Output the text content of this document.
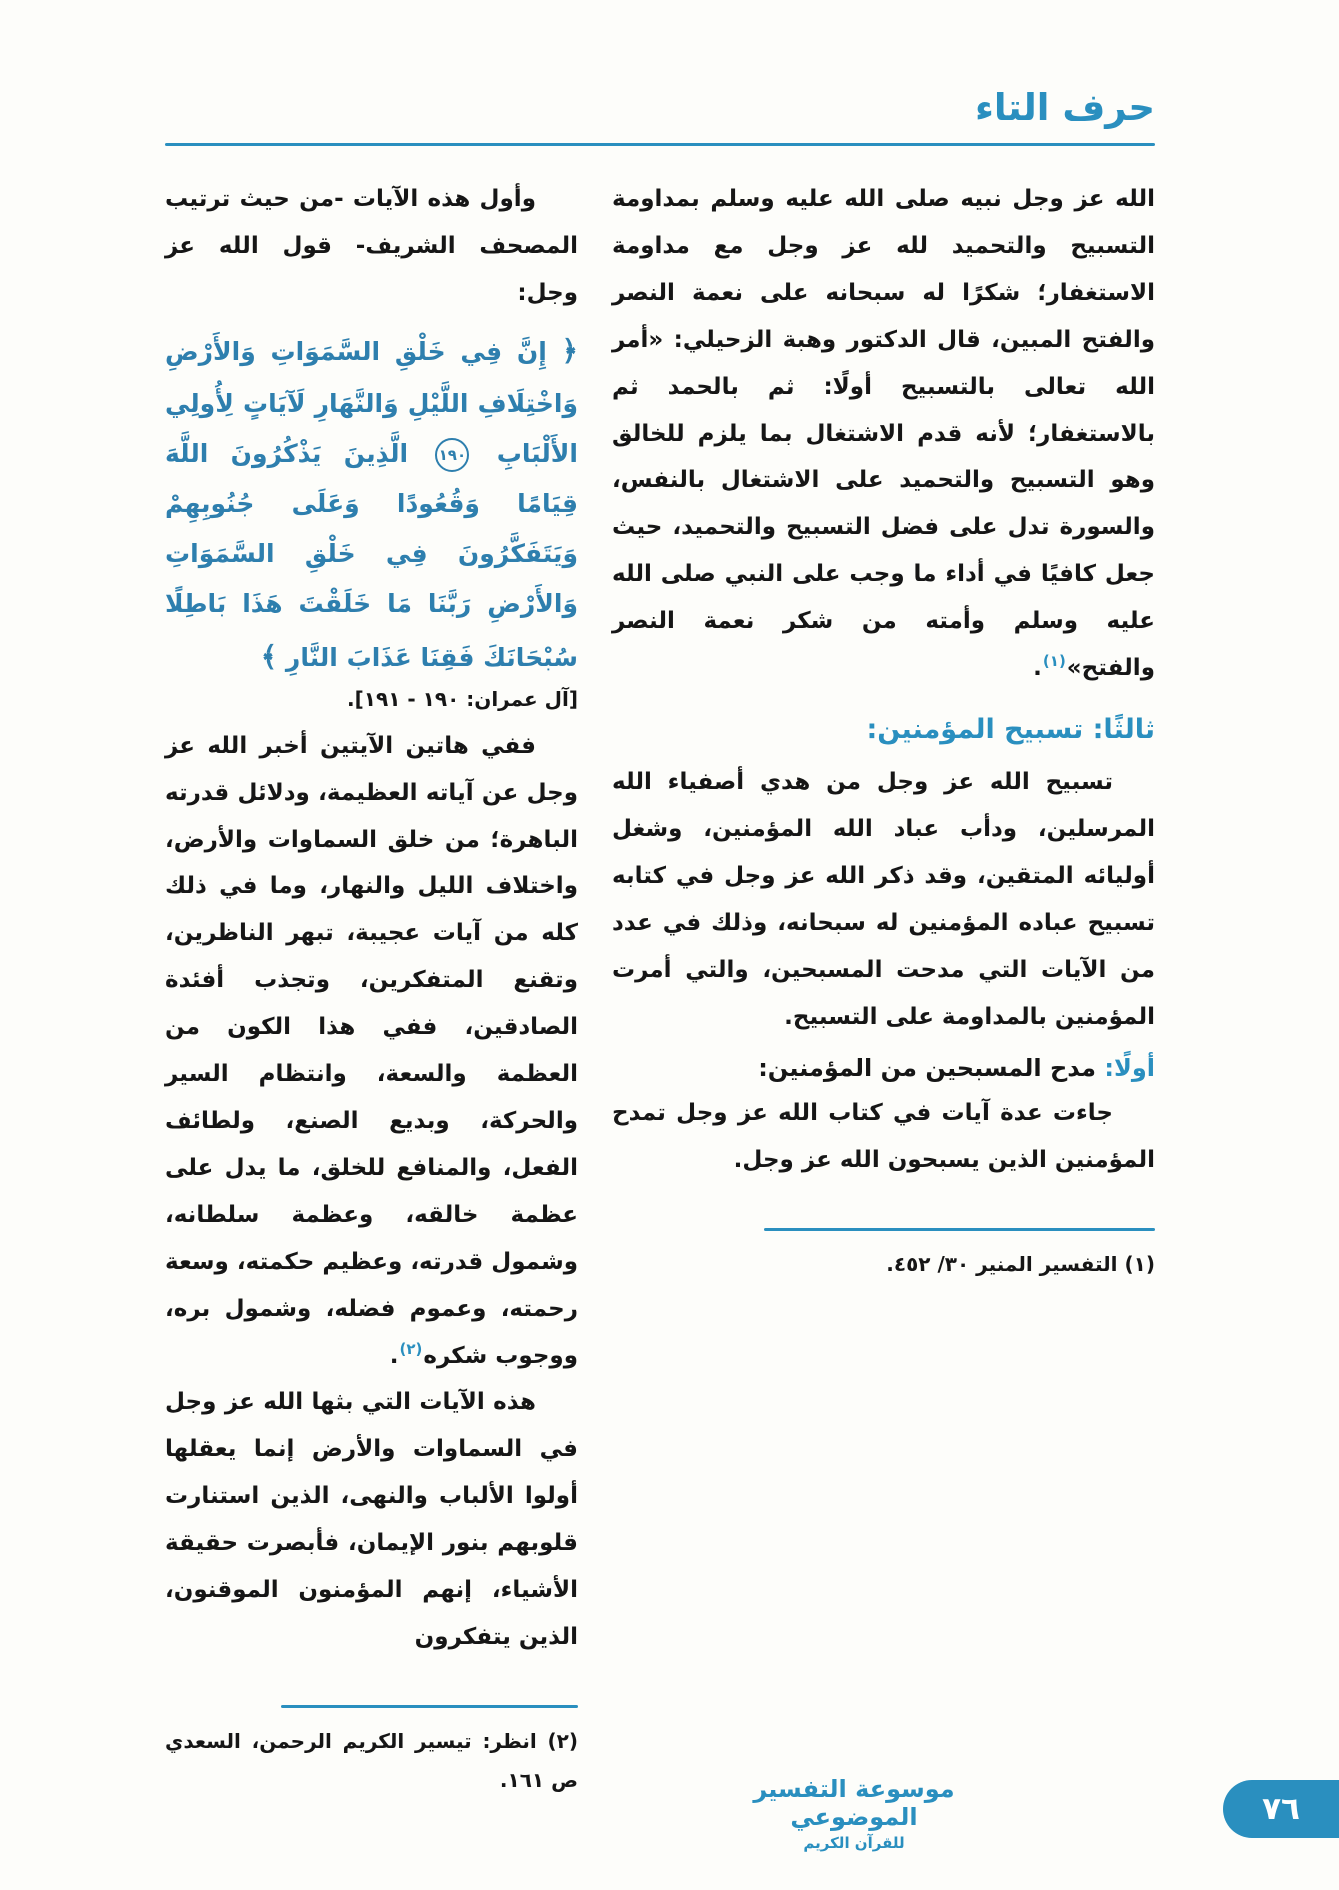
حرف التاء

الله عز وجل نبيه صلى الله عليه وسلم بمداومة التسبيح والتحميد لله عز وجل مع مداومة الاستغفار؛ شكرًا له سبحانه على نعمة النصر والفتح المبين، قال الدكتور وهبة الزحيلي: «أمر الله تعالى بالتسبيح أولًا: ثم بالحمد ثم بالاستغفار؛ لأنه قدم الاشتغال بما يلزم للخالق وهو التسبيح والتحميد على الاشتغال بالنفس، والسورة تدل على فضل التسبيح والتحميد، حيث جعل كافيًا في أداء ما وجب على النبي صلى الله عليه وسلم وأمته من شكر نعمة النصر والفتح»$^{(١)}$.

ثالثًا: تسبيح المؤمنين:

تسبيح الله عز وجل من هدي أصفياء الله المرسلين، ودأب عباد الله المؤمنين، وشغل أوليائه المتقين، وقد ذكر الله عز وجل في كتابه تسبيح عباده المؤمنين له سبحانه، وذلك في عدد من الآيات التي مدحت المسبحين، والتي أمرت المؤمنين بالمداومة على التسبيح.

أولًا: مدح المسبحين من المؤمنين:

جاءت عدة آيات في كتاب الله عز وجل تمدح المؤمنين الذين يسبحون الله عز وجل.

(١) التفسير المنير ٣٠/ ٤٥٢.

وأول هذه الآيات -من حيث ترتيب المصحف الشريف- قول الله عز وجل:

﴿ إِنَّ فِي خَلْقِ السَّمَوَاتِ وَالأَرْضِ وَاخْتِلَافِ اللَّيْلِ وَالنَّهَارِ لَآيَاتٍ لِأُولِي الأَلْبَابِ ١٩٠ الَّذِينَ يَذْكُرُونَ اللَّهَ قِيَامًا وَقُعُودًا وَعَلَى جُنُوبِهِمْ وَيَتَفَكَّرُونَ فِي خَلْقِ السَّمَوَاتِ وَالأَرْضِ رَبَّنَا مَا خَلَقْتَ هَذَا بَاطِلًا سُبْحَانَكَ فَقِنَا عَذَابَ النَّارِ ﴾

[آل عمران: ١٩٠ - ١٩١].

ففي هاتين الآيتين أخبر الله عز وجل عن آياته العظيمة، ودلائل قدرته الباهرة؛ من خلق السماوات والأرض، واختلاف الليل والنهار، وما في ذلك كله من آيات عجيبة، تبهر الناظرين، وتقنع المتفكرين، وتجذب أفئدة الصادقين، ففي هذا الكون من العظمة والسعة، وانتظام السير والحركة، وبديع الصنع، ولطائف الفعل، والمنافع للخلق، ما يدل على عظمة خالقه، وعظمة سلطانه، وشمول قدرته، وعظيم حكمته، وسعة رحمته، وعموم فضله، وشمول بره، ووجوب شكره$^{(٢)}$.

هذه الآيات التي بثها الله عز وجل في السماوات والأرض إنما يعقلها أولوا الألباب والنهى، الذين استنارت قلوبهم بنور الإيمان، فأبصرت حقيقة الأشياء، إنهم المؤمنون الموقنون، الذين يتفكرون

(٢) انظر: تيسير الكريم الرحمن، السعدي ص ١٦١.	موسوعة التفسير الموضوعي
للقرآن الكريم
٧٦
